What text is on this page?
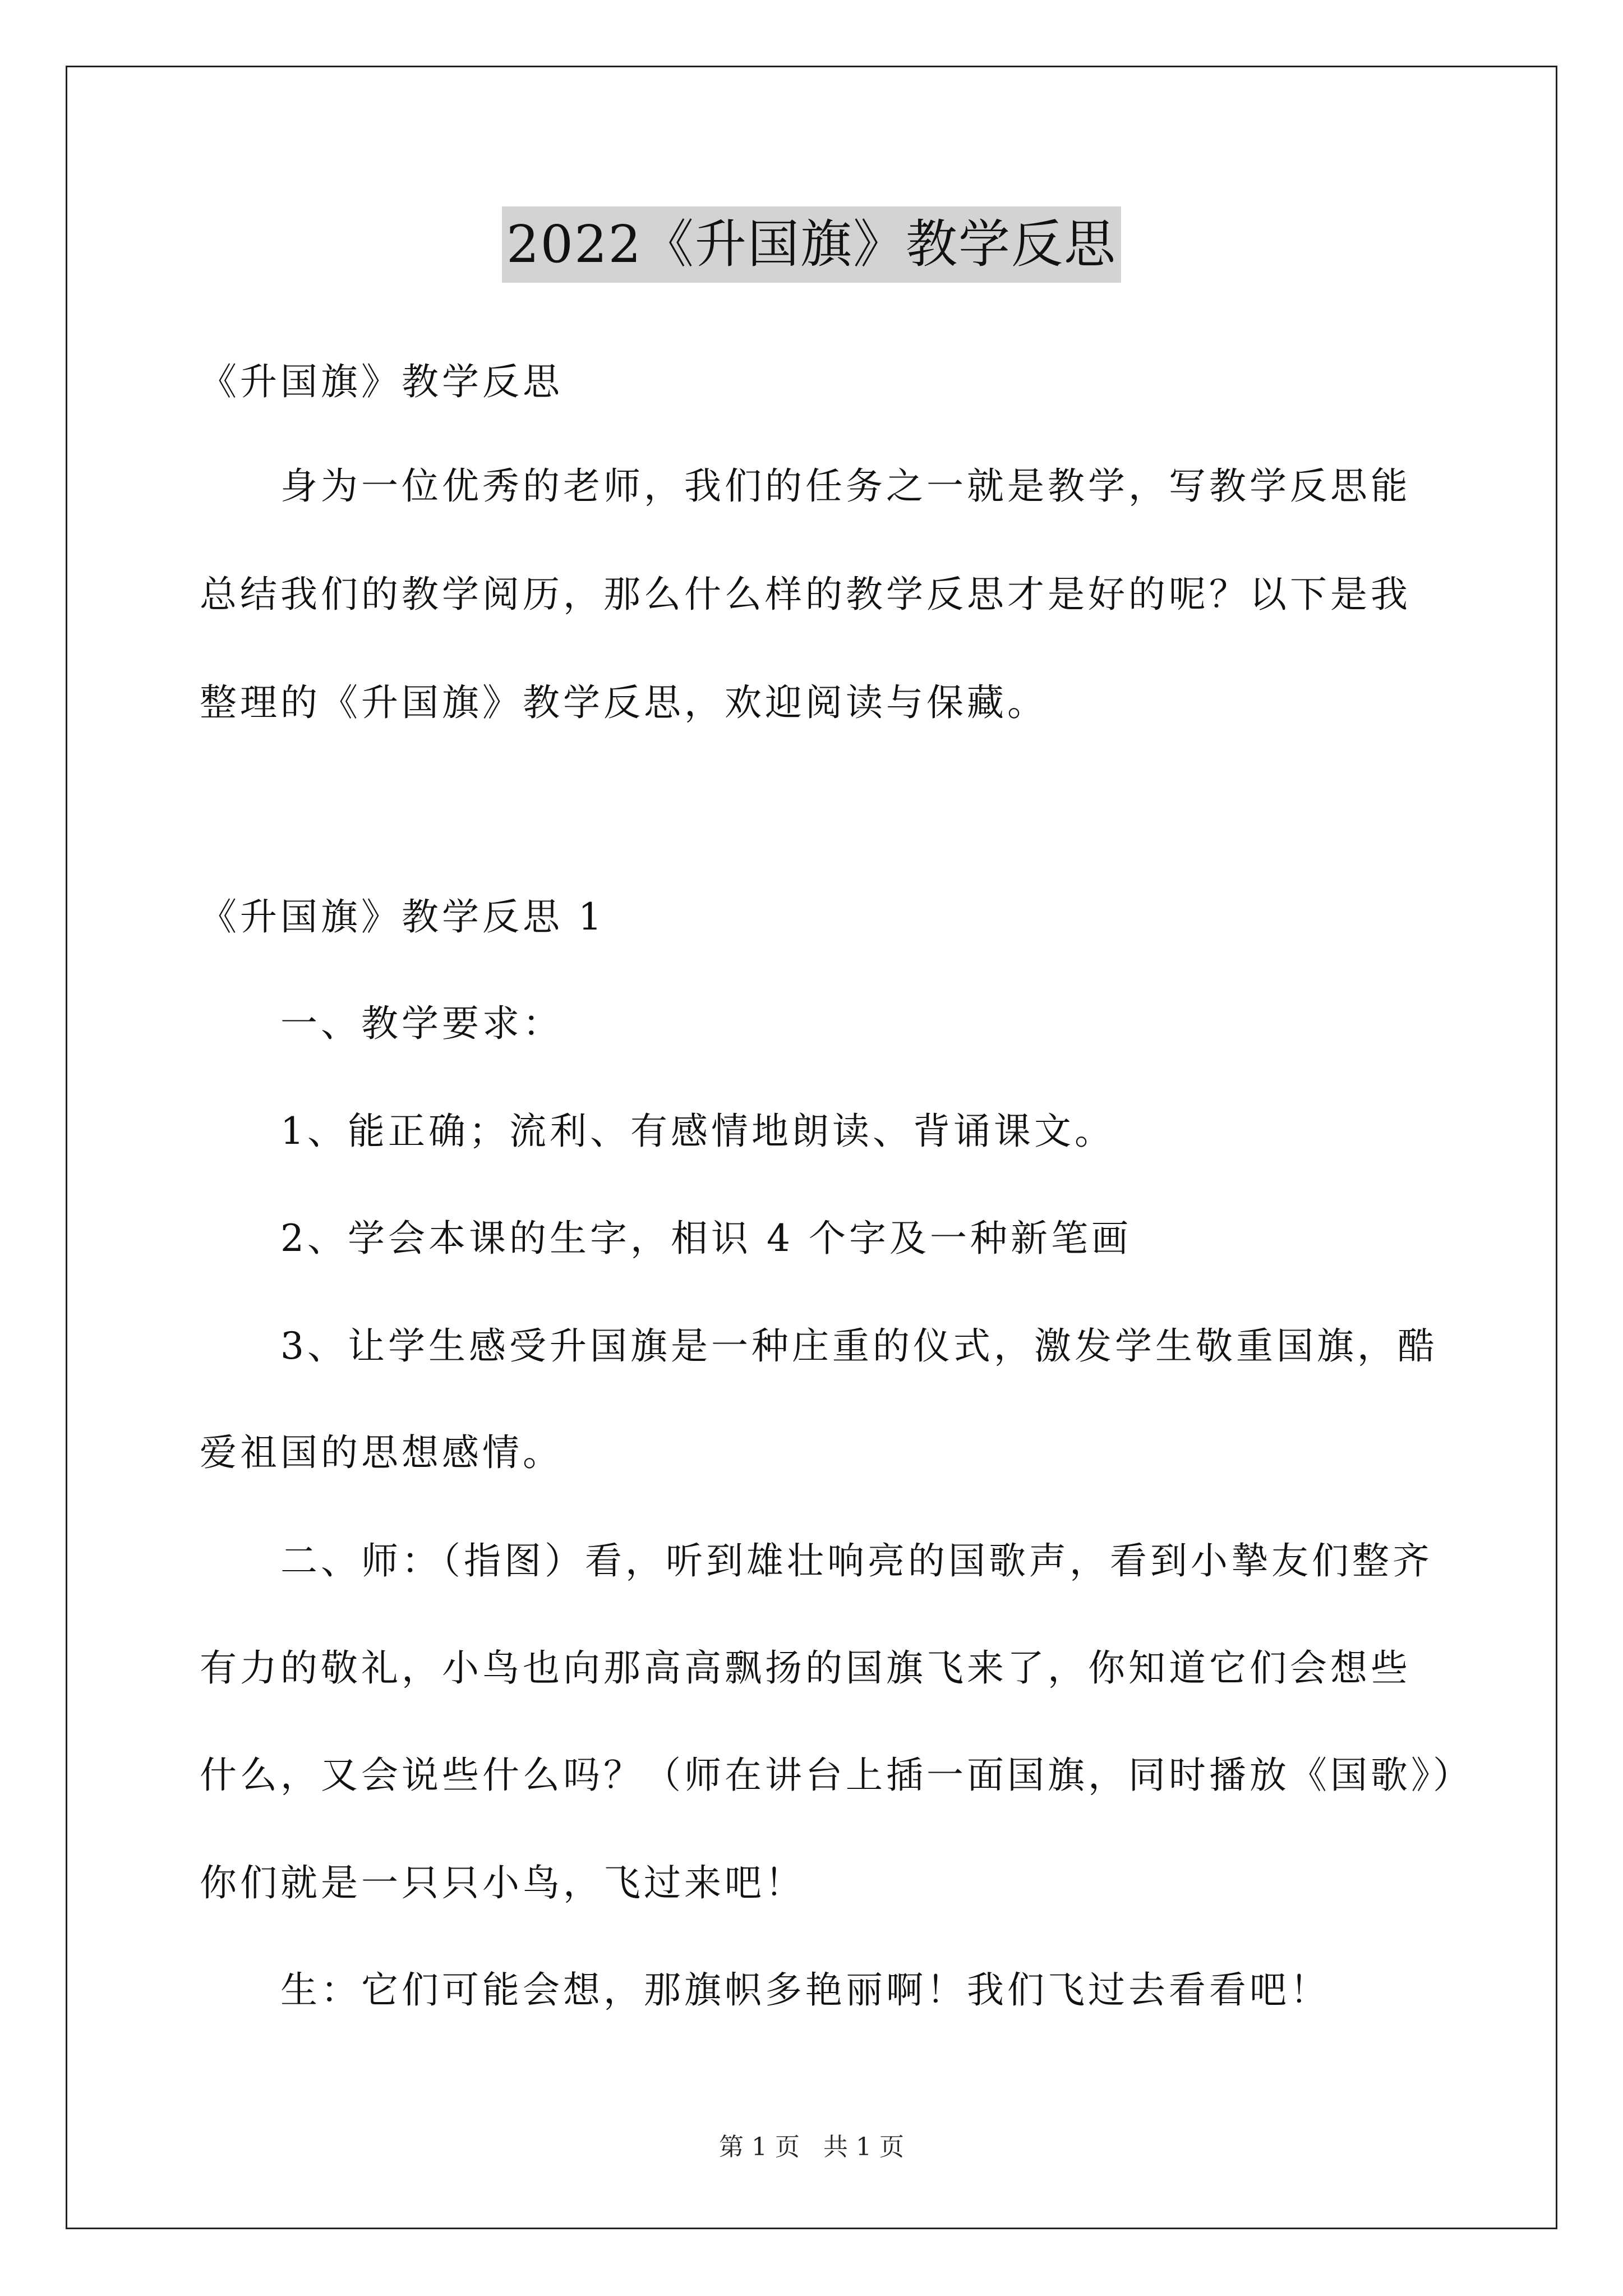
2022《升国旗》教学反思
《升国旗》教学反思
身为一位优秀的老师，我们的任务之一就是教学，写教学反思能
总结我们的教学阅历，那么什么样的教学反思才是好的呢？以下是我
整理的《升国旗》教学反思，欢迎阅读与保藏。
《升国旗》教学反思 1
一、教学要求：
1、能正确；流利、有感情地朗读、背诵课文。
2、学会本课的生字，相识 4 个字及一种新笔画
3、让学生感受升国旗是一种庄重的仪式，激发学生敬重国旗，酷
爱祖国的思想感情。
二、师：（指图）看，听到雄壮响亮的国歌声，看到小摯友们整齐
有力的敬礼，小鸟也向那高高飘扬的国旗飞来了，你知道它们会想些
什么，又会说些什么吗？（师在讲台上插一面国旗，同时播放《国歌》）
你们就是一只只小鸟，飞过来吧！
生：它们可能会想，那旗帜多艳丽啊！我们飞过去看看吧！
第 1 页 共 1 页
